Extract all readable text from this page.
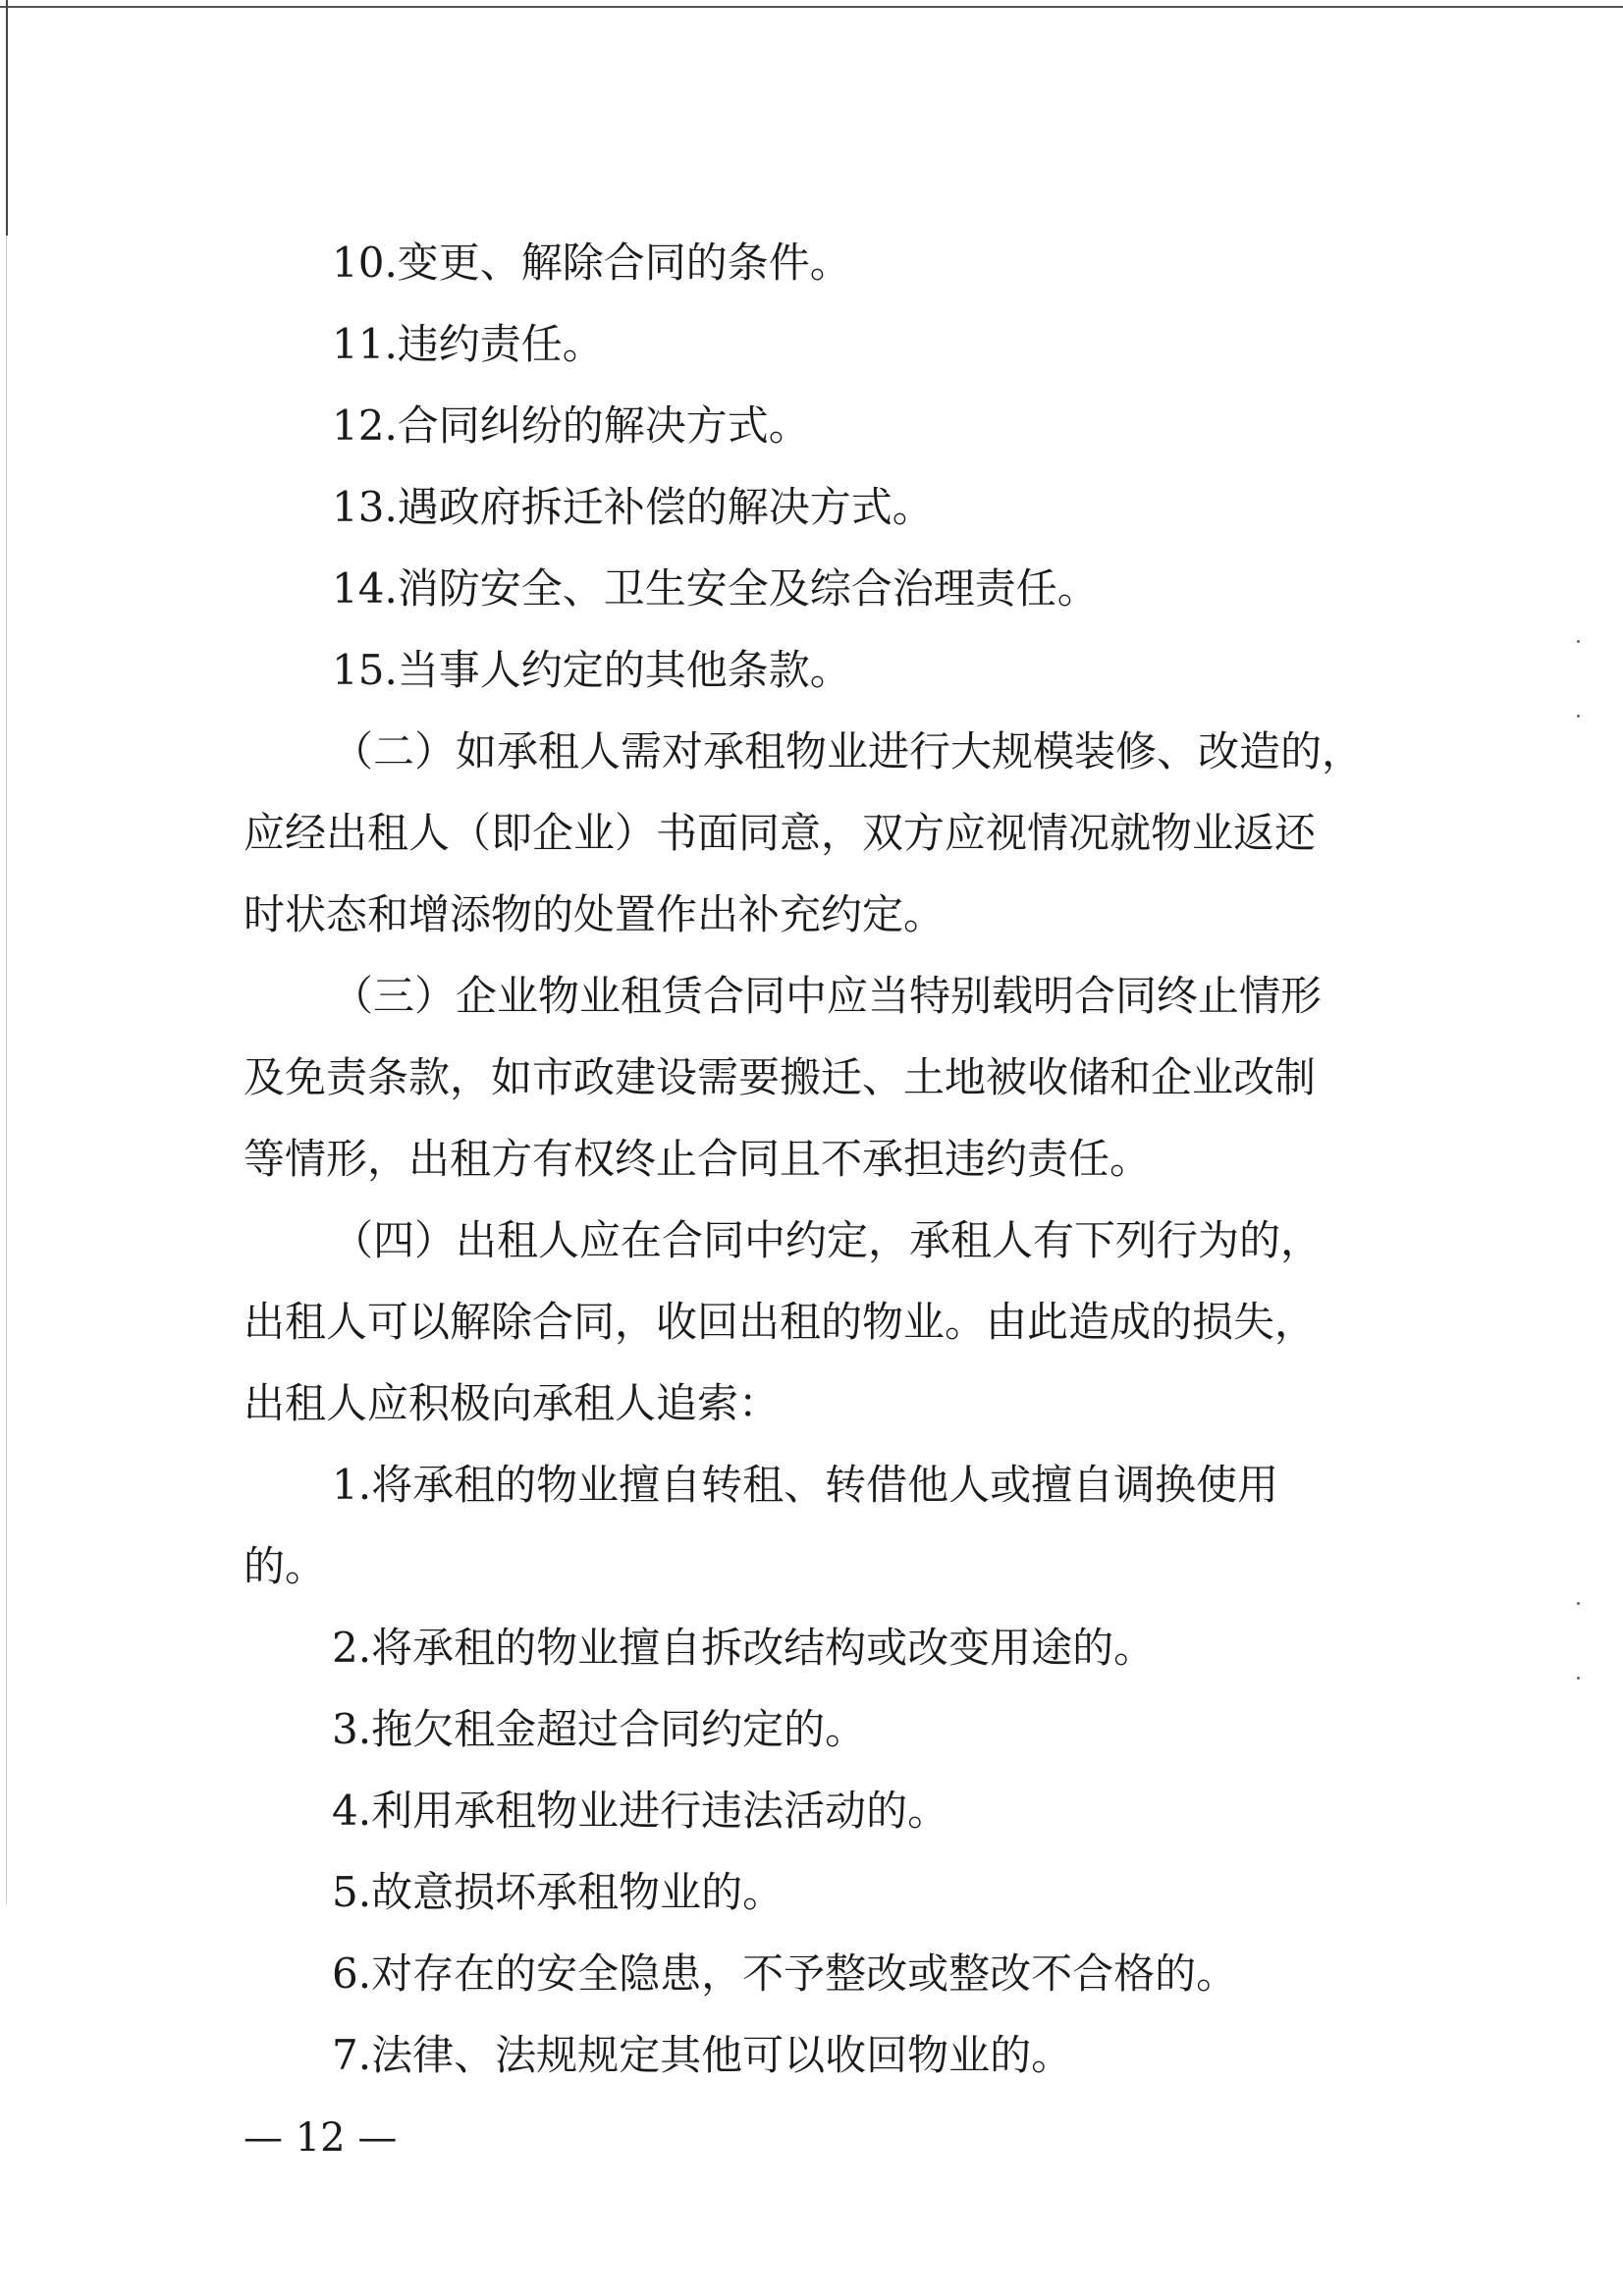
10.变更、解除合同的条件。
11.违约责任。
12.合同纠纷的解决方式。
13.遇政府拆迁补偿的解决方式。
14.消防安全、卫生安全及综合治理责任。
15.当事人约定的其他条款。
（二）如承租人需对承租物业进行大规模装修、改造的，
应经出租人（即企业）书面同意，双方应视情况就物业返还
时状态和增添物的处置作出补充约定。
（三）企业物业租赁合同中应当特别载明合同终止情形
及免责条款，如市政建设需要搬迁、土地被收储和企业改制
等情形，出租方有权终止合同且不承担违约责任。
（四）出租人应在合同中约定，承租人有下列行为的，
出租人可以解除合同，收回出租的物业。由此造成的损失，
出租人应积极向承租人追索：
1.将承租的物业擅自转租、转借他人或擅自调换使用
的。
2.将承租的物业擅自拆改结构或改变用途的。
3.拖欠租金超过合同约定的。
4.利用承租物业进行违法活动的。
5.故意损坏承租物业的。
6.对存在的安全隐患，不予整改或整改不合格的。
7.法律、法规规定其他可以收回物业的。
— 12 —
